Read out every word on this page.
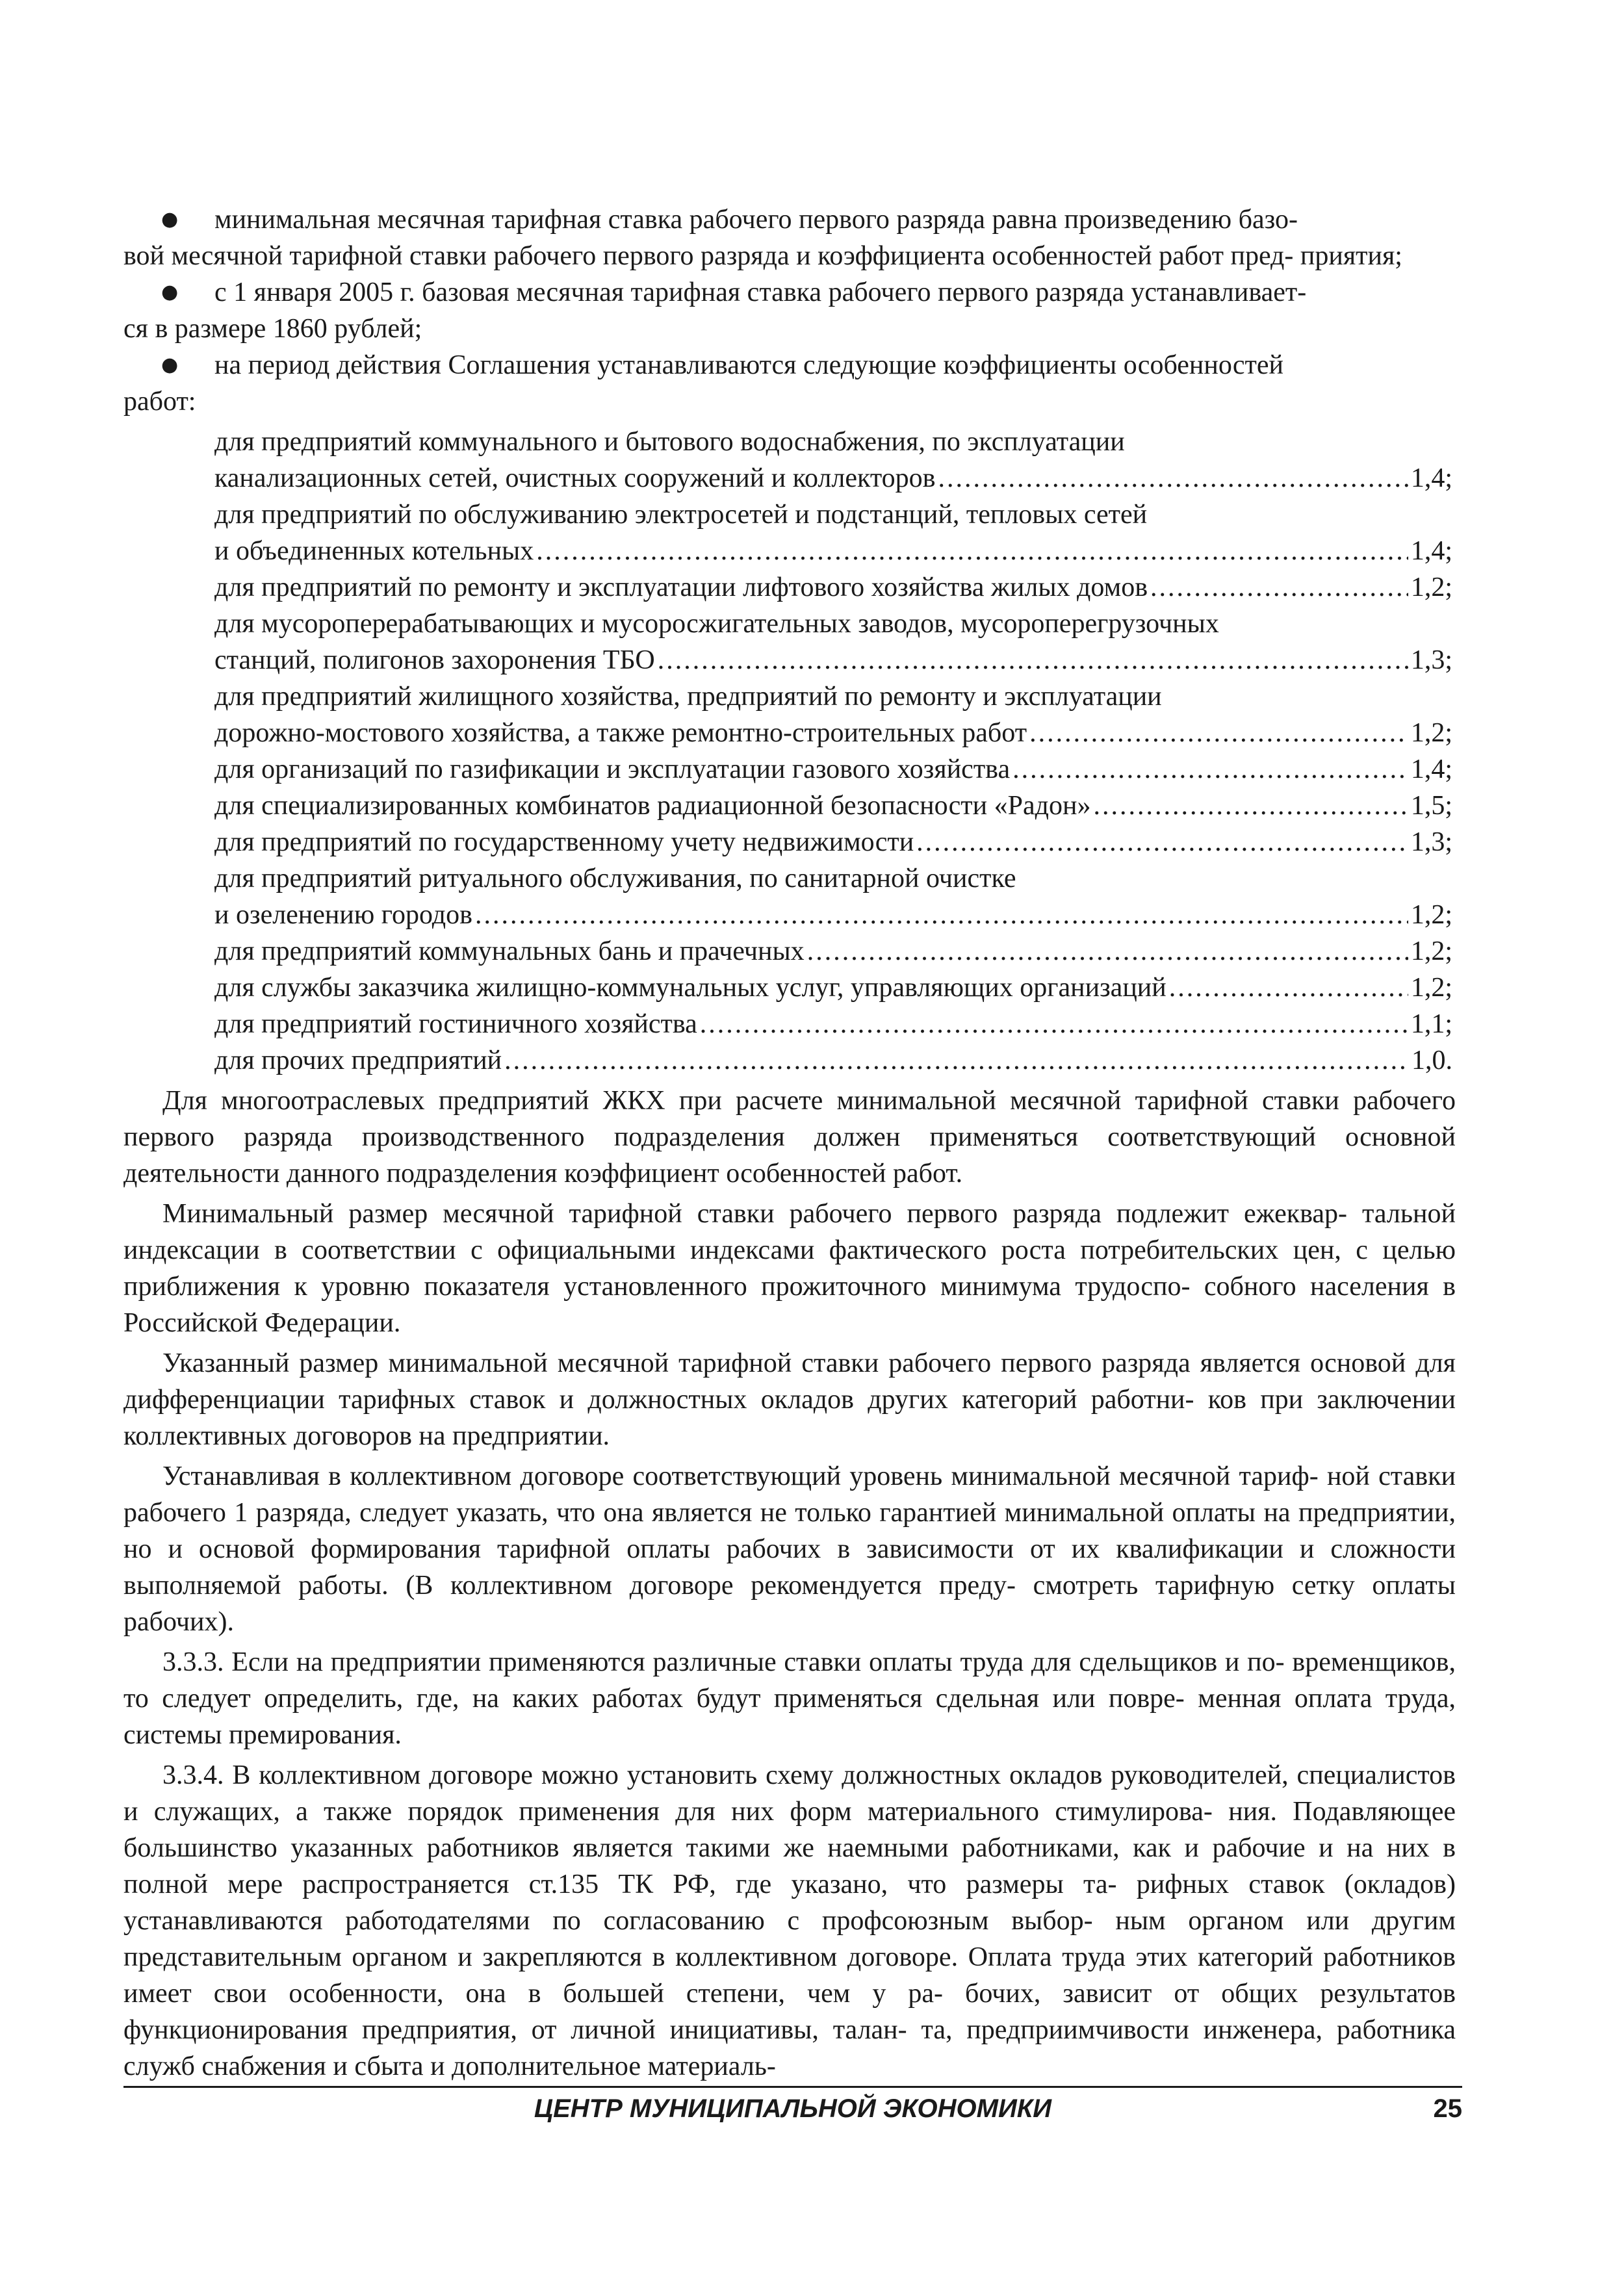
● минимальная месячная тарифная ставка рабочего первого разряда равна произведению базо-
вой месячной тарифной ставки рабочего первого разряда и коэффициента особенностей работ пред- приятия;
● с 1 января 2005 г. базовая месячная тарифная ставка рабочего первого разряда устанавливает-
ся в размере 1860 рублей;
● на период действия Соглашения устанавливаются следующие коэффициенты особенностей
работ:
для предприятий коммунального и бытового водоснабжения, по эксплуатации
канализационных сетей, очистных сооружений и коллекторов .....	1,4;
для предприятий по обслуживанию электросетей и подстанций, тепловых сетей
и объединенных котельных .....	1,4;
для предприятий по ремонту и эксплуатации лифтового хозяйства жилых домов .....	1,2;
для мусороперерабатывающих и мусоросжигательных заводов, мусороперегрузочных
станций, полигонов захоронения ТБО .....	1,3;
для предприятий жилищного хозяйства, предприятий по ремонту и эксплуатации
дорожно-мостового хозяйства, а также ремонтно-строительных работ .....	1,2;
для организаций по газификации и эксплуатации газового хозяйства .....	1,4;
для специализированных комбинатов радиационной безопасности «Радон» .....	1,5;
для предприятий по государственному учету недвижимости .....	1,3;
для предприятий ритуального обслуживания, по санитарной очистке
и озеленению городов .....	1,2;
для предприятий коммунальных бань и прачечных .....	1,2;
для службы заказчика жилищно-коммунальных услуг, управляющих организаций .....	1,2;
для предприятий гостиничного хозяйства .....	1,1;
для прочих предприятий .....	1,0.

Для многоотраслевых предприятий ЖКХ при расчете минимальной месячной тарифной ставки рабочего первого разряда производственного подразделения должен применяться соответствующий основной деятельности данного подразделения коэффициент особенностей работ.

Минимальный размер месячной тарифной ставки рабочего первого разряда подлежит ежеквар- тальной индексации в соответствии с официальными индексами фактического роста потребительских цен, с целью приближения к уровню показателя установленного прожиточного минимума трудоспо- собного населения в Российской Федерации.

Указанный размер минимальной месячной тарифной ставки рабочего первого разряда является основой для дифференциации тарифных ставок и должностных окладов других категорий работни- ков при заключении коллективных договоров на предприятии.

Устанавливая в коллективном договоре соответствующий уровень минимальной месячной тариф- ной ставки рабочего 1 разряда, следует указать, что она является не только гарантией минимальной оплаты на предприятии, но и основой формирования тарифной оплаты рабочих в зависимости от их квалификации и сложности выполняемой работы. (В коллективном договоре рекомендуется преду- смотреть тарифную сетку оплаты рабочих).

3.3.3. Если на предприятии применяются различные ставки оплаты труда для сдельщиков и по- временщиков, то следует определить, где, на каких работах будут применяться сдельная или повре- менная оплата труда, системы премирования.

3.3.4. В коллективном договоре можно установить схему должностных окладов руководителей, специалистов и служащих, а также порядок применения для них форм материального стимулирова- ния. Подавляющее большинство указанных работников является такими же наемными работниками, как и рабочие и на них в полной мере распространяется ст.135 ТК РФ, где указано, что размеры та- рифных ставок (окладов) устанавливаются работодателями по согласованию с профсоюзным выбор- ным органом или другим представительным органом и закрепляются в коллективном договоре. Оплата труда этих категорий работников имеет свои особенности, она в большей степени, чем у ра- бочих, зависит от общих результатов функционирования предприятия, от личной инициативы, талан- та, предприимчивости инженера, работника служб снабжения и сбыта и дополнительное материаль-

ЦЕНТР МУНИЦИПАЛЬНОЙ ЭКОНОМИКИ	25
